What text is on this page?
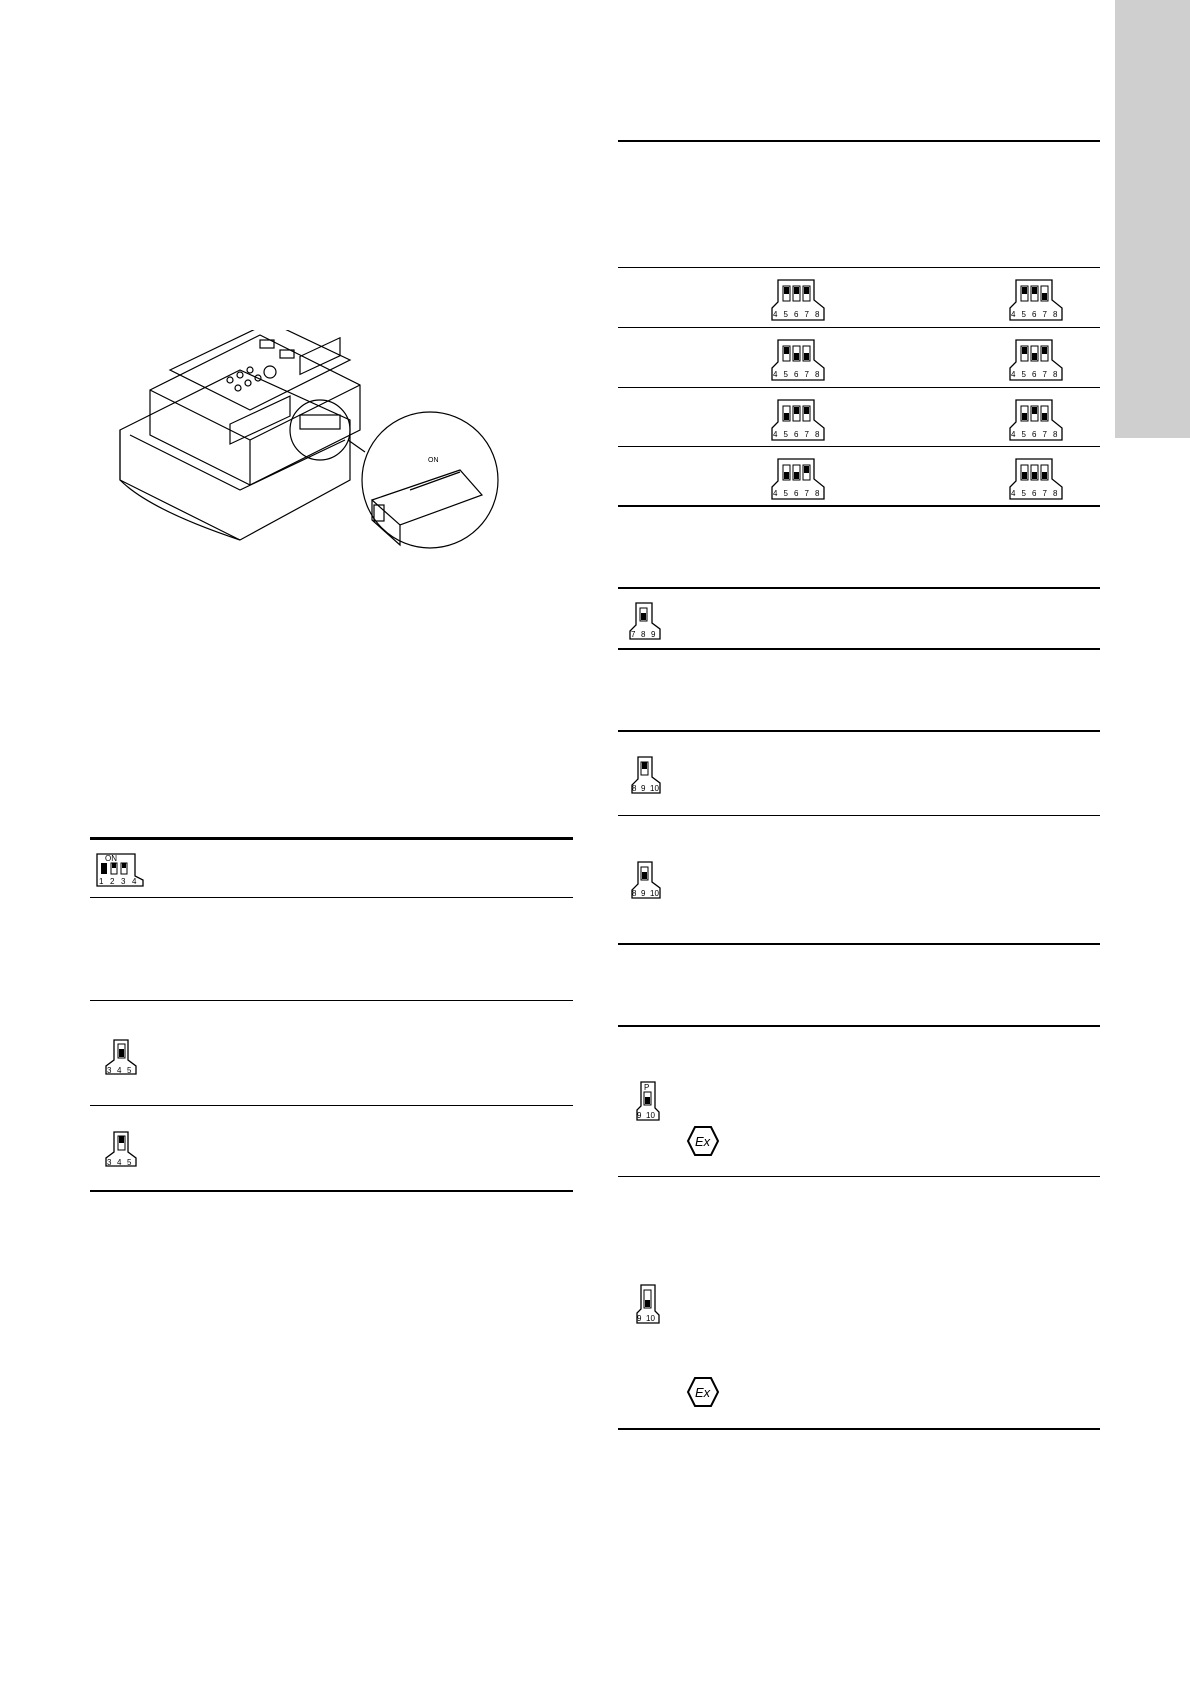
ON
ON
1 2 3 4
3 4 5
3 4 5
4 5 6 7 8	4 5 6 7 8
4 5 6 7 8	4 5 6 7 8
4 5 6 7 8	4 5 6 7 8
4 5 6 7 8	4 5 6 7 8
7 8 9
8 9 10
8 9 10
P
9 10
Ex
9 10
Ex
